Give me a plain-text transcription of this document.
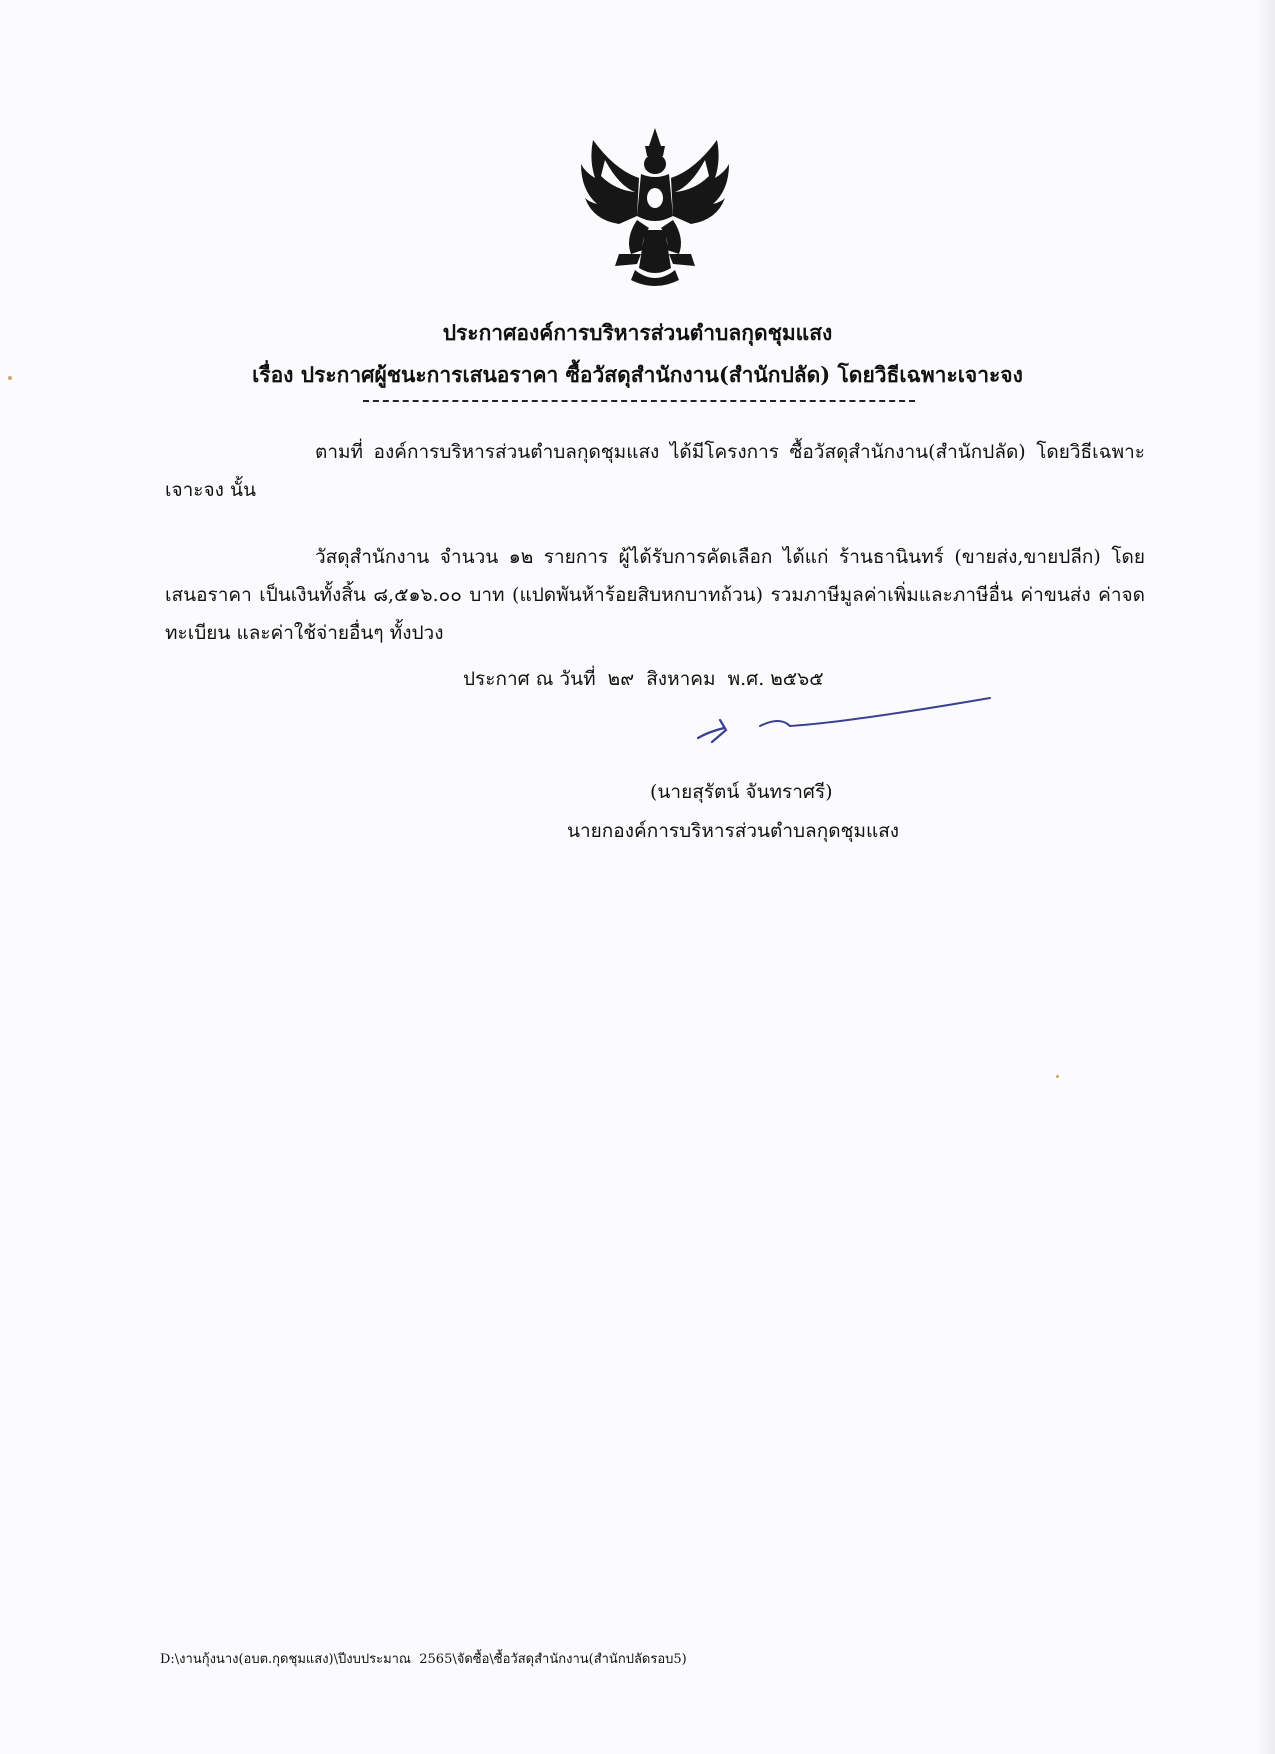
ประกาศองค์การบริหารส่วนตำบลกุดชุมแสง
เรื่อง ประกาศผู้ชนะการเสนอราคา ซื้อวัสดุสำนักงาน(สำนักปลัด) โดยวิธีเฉพาะเจาะจง
ตามที่ องค์การบริหารส่วนตำบลกุดชุมแสง ได้มีโครงการ ซื้อวัสดุสำนักงาน(สำนักปลัด) โดยวิธีเฉพาะเจาะจง นั้น
วัสดุสำนักงาน จำนวน ๑๒ รายการ ผู้ได้รับการคัดเลือก ได้แก่ ร้านธานินทร์ (ขายส่ง,ขายปลีก) โดยเสนอราคา เป็นเงินทั้งสิ้น ๘,๕๑๖.๐๐ บาท (แปดพันห้าร้อยสิบหกบาทถ้วน) รวมภาษีมูลค่าเพิ่มและภาษีอื่น ค่าขนส่ง ค่าจดทะเบียน และค่าใช้จ่ายอื่นๆ ทั้งปวง
ประกาศ ณ วันที่  ๒๙  สิงหาคม  พ.ศ. ๒๕๖๕
(นายสุรัตน์ จันทราศรี)
นายกองค์การบริหารส่วนตำบลกุดชุมแสง
D:\งานกุ้งนาง(อบต.กุดชุมแสง)\ปีงบประมาณ  2565\จัดซื้อ\ซื้อวัสดุสำนักงาน(สำนักปลัดรอบ5)
